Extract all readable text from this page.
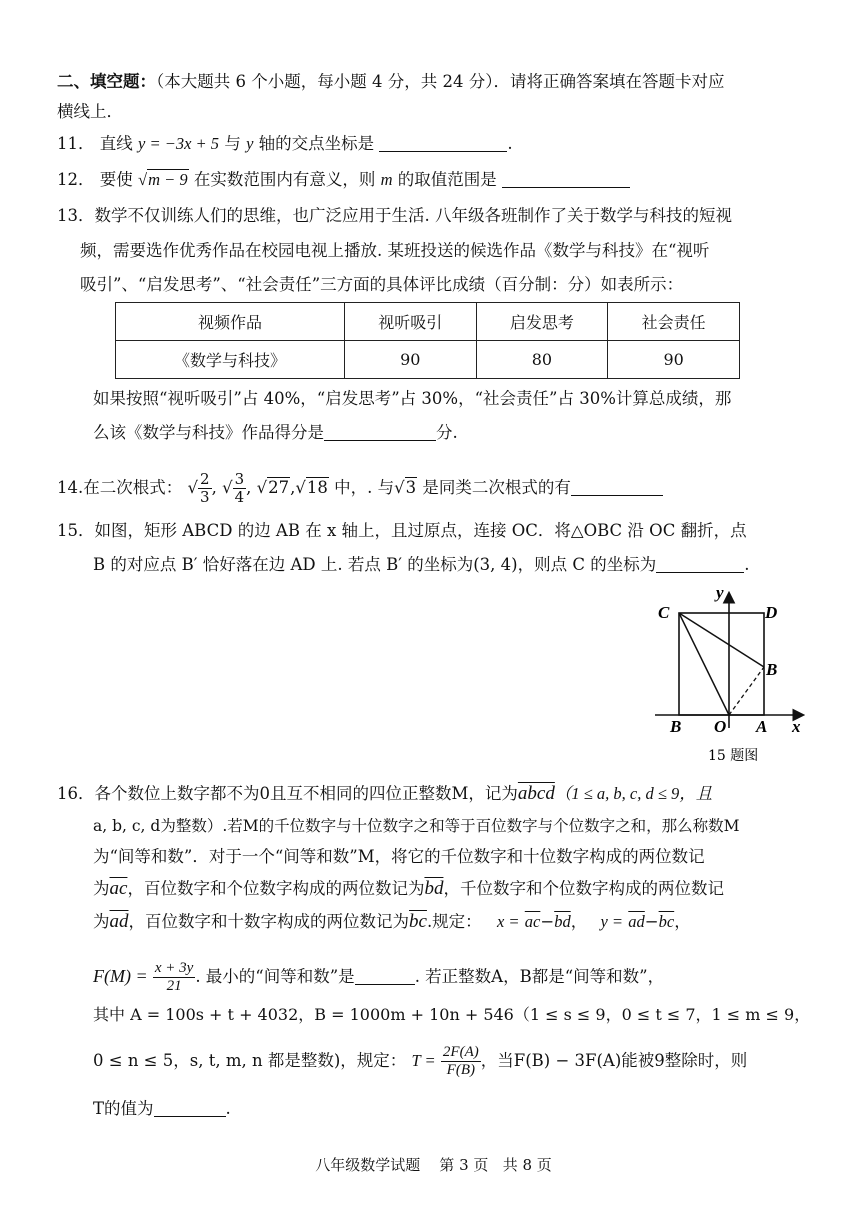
二、填空题：（本大题共 6 个小题，每小题 4 分，共 24 分）．请将正确答案填在答题卡对应
横线上．
11． 直线 y = −3x + 5 与 y 轴的交点坐标是	.
12． 要使 √m − 9 在实数范围内有意义，则 m 的取值范围是
13．数学不仅训练人们的思维，也广泛应用于生活. 八年级各班制作了关于数学与科技的短视
频，需要选作优秀作品在校园电视上播放. 某班投送的候选作品《数学与科技》在“视听
吸引”、“启发思考”、“社会责任”三方面的具体评比成绩（百分制：分）如表所示：
视频作品	视听吸引	启发思考	社会责任
《数学与科技》	90	80	90
如果按照“视听吸引”占 40%，“启发思考”占 30%，“社会责任”占 30%计算总成绩，那
么该《数学与科技》作品得分是	分.
14.在二次根式： √ $\frac{2}{3}$ , √ $\frac{3}{4}$ , √27,√18 中，. 与√3 是同类二次根式的有
15．如图，矩形 ABCD 的边 AB 在 x 轴上，且过原点，连接 OC．将△OBC 沿 OC 翻折，点
B 的对应点 B′ 恰好落在边 AD 上. 若点 B′ 的坐标为(3, 4)，则点 C 的坐标为	.
C	D
B
B O A x
y
15 题图
16．各个数位上数字都不为0且互不相同的四位正整数M，记为abcd（1 ≤ a, b, c, d ≤ 9，且
a, b, c, d为整数）.若M的千位数字与十位数字之和等于百位数字与个位数字之和，那么称数M
为“间等和数”．对于一个“间等和数”M，将它的千位数字和十位数字构成的两位数记
为$\overline{ac}$，百位数字和个位数字构成的两位数记为$\overline{bd}$，千位数字和个位数字构成的两位数记
为$\overline{ad}$，百位数字和十数字构成的两位数记为$\overline{bc}$.规定： $x = \overline{ac}-\overline{bd}$， $y = \overline{ad}-\overline{bc}$，
$F(M) = \frac{x + 3y}{21}$ . 最小的“间等和数”是	. 若正整数A，B都是“间等和数”，
其中 A = 100s + t + 4032，B = 1000m + 10n + 546（1 ≤ s ≤ 9，0 ≤ t ≤ 7，1 ≤ m ≤ 9，
0 ≤ n ≤ 5，s, t, m, n 都是整数)，规定： $T = \frac{2F(A)}{F(B)}$ ，当F(B) − 3F(A)能被9整除时，则
T的值为	.
八年级数学试题 第 3 页 共 8 页
